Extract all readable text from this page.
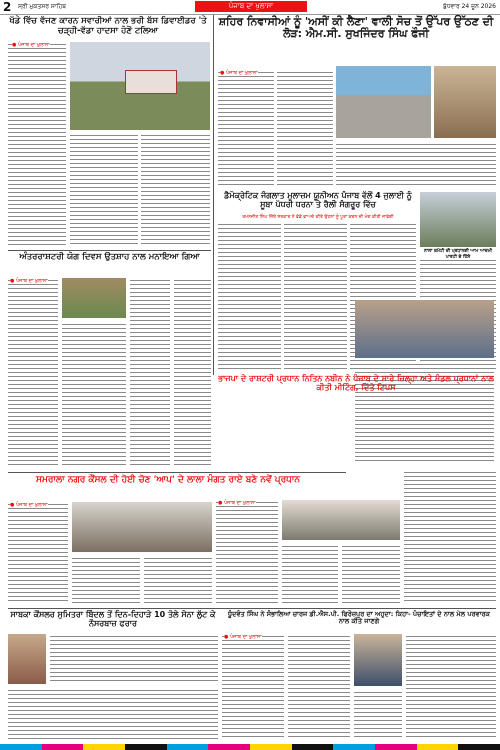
2 ਸ੍ਰੀ ਮੁਕਤਸਰ ਸਾਹਿਬ	ਪੰਜਾਬ ਦਾ ਖੁਲਾਸਾ	ਬੁੱਧਵਾਰ 24 ਜੂਨ 2026
ਖੱਡੇ ਵਿੱਚ ਵੱਜਣ ਕਾਰਨ ਸਵਾਰੀਆਂ ਨਾਲ ਭਰੀ ਬੱਸ ਡਿਵਾਈਡਰ 'ਤੇ ਚੜ੍ਹੀ-ਵੱਡਾ ਹਾਦਸਾ ਹੋਣੋਂ ਟਲਿਆ
● ਪੰਜਾਬ ਦਾ ਖੁਲਾਸਾ
ਸ਼ਹਿਰ ਨਿਵਾਸੀਆਂ ਨੂੰ 'ਅਸੀਂ ਕੀ ਲੈਣਾ' ਵਾਲੀ ਸੋਚ ਤੋਂ ਉੱਪਰ ਉੱਠਣ ਦੀ ਲੋੜ: ਐਮ.ਸੀ. ਸੁਖਜਿੰਦਰ ਸਿੰਘ ਫੌਜੀ
● ਪੰਜਾਬ ਦਾ ਖੁਲਾਸਾ
ਡੈਮੋਕ੍ਰੇਟਿਕ ਜੰਗਲਾਤ ਮੁਲਾਜ਼ਮ ਯੂਨੀਅਨ ਪੰਜਾਬ ਵੱਲੋਂ 4 ਜੁਲਾਈ ਨੂੰ ਸੂਬਾ ਪੱਧਰੀ ਧਰਨਾ ਤੇ ਰੈਲੀ ਸੰਗਰੂਰ ਵਿੱਚ
ਰਮਨਜੀਤ ਸਿੰਘ ਜਿੱਥੇ ਸਰਕਾਰ ਨੇ ਵੱਡੇ ਵਾਅਦੇ ਕੀਤੇ ਉਹਨਾਂ ਨੂੰ ਪੂਰਾ ਕਰਨ ਦੀ ਮੰਗ ਕੀਤੀ ਜਾਵੇਗੀ
ਨਾਲਾ ਕਮੇਟੀ ਦੀ ਪ੍ਰਧਾਨਗੀ ਆਮ ਆਦਮੀ
ਅੰਤਰਰਾਸ਼ਟਰੀ ਯੋਗ ਦਿਵਸ ਉਤਸ਼ਾਹ ਨਾਲ ਮਨਾਇਆ ਗਿਆ
● ਪੰਜਾਬ ਦਾ ਖੁਲਾਸਾ
ਸਮਰਾਲਾ ਨਗਰ ਕੌਂਸਲ ਦੀ ਹੋਈ ਚੋਣ 'ਆਪ' ਦੇ ਲਾਲਾ ਮੰਗਤ ਰਾਏ ਬਣੇ ਨਵੇਂ ਪ੍ਰਧਾਨ
● ਪੰਜਾਬ ਦਾ ਖੁਲਾਸਾ
ਭਾਜਪਾ ਦੇ ਰਾਸ਼ਟਰੀ ਪ੍ਰਧਾਨ ਨਿਤਿਨ ਨਬੀਨ ਨੇ ਪੰਜਾਬ ਦੇ ਸਾਰੇ ਜ਼ਿਲ੍ਹਾ ਅਤੇ ਮੰਡਲ ਪ੍ਰਧਾਨਾਂ ਨਾਲ ਕੀਤੀ ਮੀਟਿੰਗ, ਦਿੱਤੇ ਟਿਪਸ
● ਪੰਜਾਬ ਦਾ ਖੁਲਾਸਾ
ਸਾਬਕਾ ਕੌਂਸਲਰ ਸੁਮਿਤਰਾ ਬਿੰਦਲ ਤੋਂ ਦਿਨ-ਦਿਹਾੜੇ 10 ਤੋਲੇ ਸੋਨਾ ਲੁੱਟ ਕੇ ਨੌਸਰਬਾਜ਼ ਫਰਾਰ
ਧੂੰਦਵੰਤ ਸਿੰਘ ਨੇ ਸੰਭਾਲਿਆ ਚਾਰਜ ਡੀ.ਐਸ.ਪੀ. ਫਿਰੋਜ਼ਪੁਰ ਦਾ ਅਹੁਦਾ: ਕਿਹਾ- ਪੰਚਾਇਤਾਂ ਦੇ ਨਾਲ ਮੇਲ ਪਰਵਾਰਕ ਨਾਲ ਕੀਤੇ ਜਾਣਗੇ
● ਪੰਜਾਬ ਦਾ ਖੁਲਾਸਾ
